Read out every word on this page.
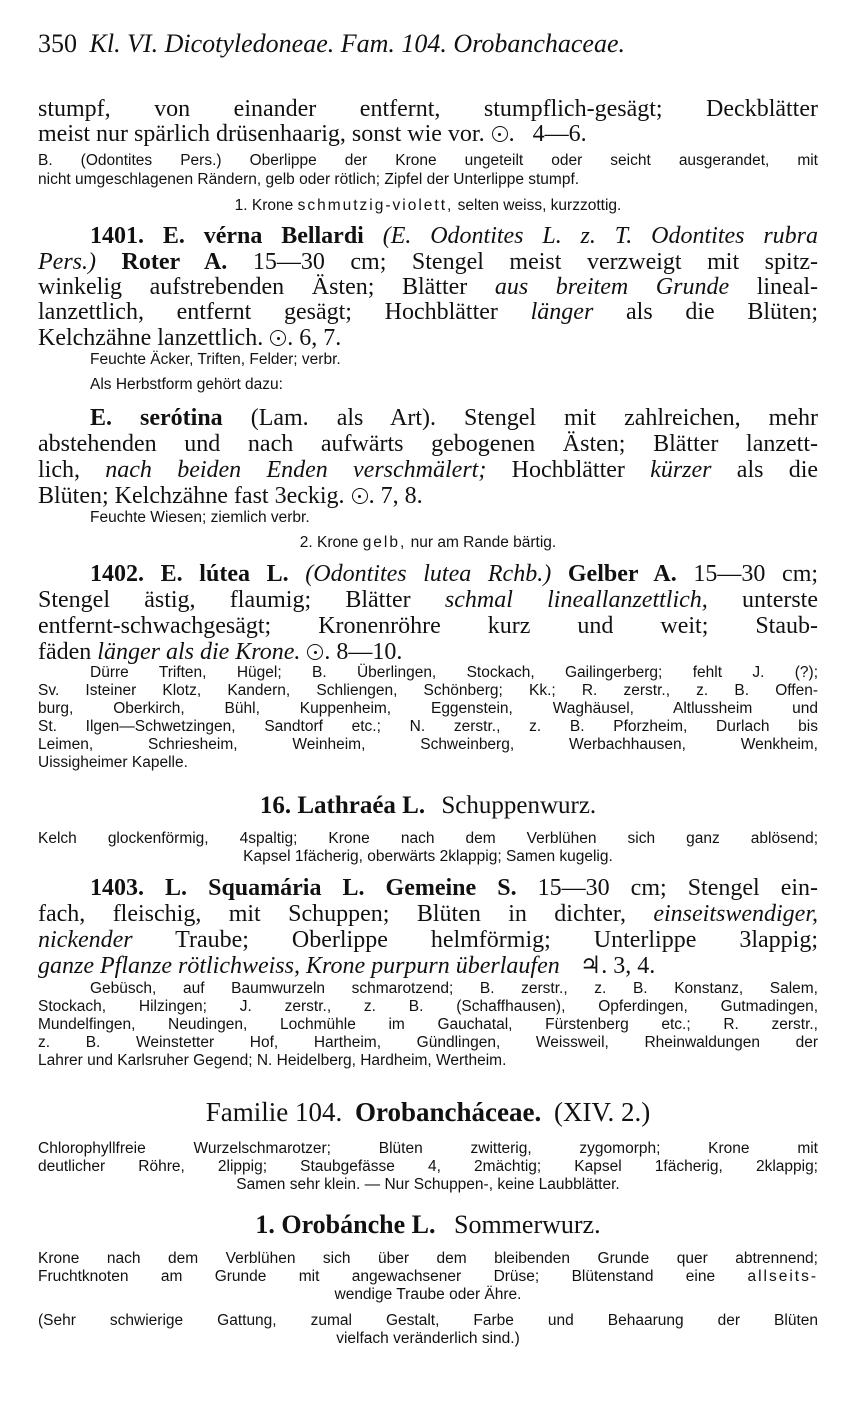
350 Kl. VI. Dicotyledoneae. Fam. 104. Orobanchaceae.
stumpf, von einander entfernt, stumpflich-gesägt; Deckblätter
meist nur spärlich drüsenhaarig, sonst wie vor. . 4—6.
B. (Odontites Pers.) Oberlippe der Krone ungeteilt oder seicht ausgerandet, mit
nicht umgeschlagenen Rändern, gelb oder rötlich; Zipfel der Unterlippe stumpf.
1. Krone schmutzig-violett, selten weiss, kurzzottig.
1401. E. vérna Bellardi (E. Odontites L. z. T. Odontites rubra
Pers.) Roter A. 15—30 cm; Stengel meist verzweigt mit spitz-
winkelig aufstrebenden Ästen; Blätter aus breitem Grunde lineal-
lanzettlich, entfernt gesägt; Hochblätter länger als die Blüten;
Kelchzähne lanzettlich. . 6, 7.
Feuchte Äcker, Triften, Felder; verbr.
Als Herbstform gehört dazu:
E. serótina (Lam. als Art). Stengel mit zahlreichen, mehr
abstehenden und nach aufwärts gebogenen Ästen; Blätter lanzett-
lich, nach beiden Enden verschmälert; Hochblätter kürzer als die
Blüten; Kelchzähne fast 3eckig. . 7, 8.
Feuchte Wiesen; ziemlich verbr.
2. Krone gelb, nur am Rande bärtig.
1402. E. lútea L. (Odontites lutea Rchb.) Gelber A. 15—30 cm;
Stengel ästig, flaumig; Blätter schmal lineallanzettlich, unterste
entfernt-schwachgesägt; Kronenröhre kurz und weit; Staub-
fäden länger als die Krone. . 8—10.
Dürre Triften, Hügel; B. Überlingen, Stockach, Gailingerberg; fehlt J. (?);
Sv. Isteiner Klotz, Kandern, Schliengen, Schönberg; Kk.; R. zerstr., z. B. Offen-
burg, Oberkirch, Bühl, Kuppenheim, Eggenstein, Waghäusel, Altlussheim und
St. Ilgen—Schwetzingen, Sandtorf etc.; N. zerstr., z. B. Pforzheim, Durlach bis
Leimen, Schriesheim, Weinheim, Schweinberg, Werbachhausen, Wenkheim,
Uissigheimer Kapelle.
16. Lathraéa L. Schuppenwurz.
Kelch glockenförmig, 4spaltig; Krone nach dem Verblühen sich ganz ablösend;
Kapsel 1fächerig, oberwärts 2klappig; Samen kugelig.
1403. L. Squamária L. Gemeine S. 15—30 cm; Stengel ein-
fach, fleischig, mit Schuppen; Blüten in dichter, einseitswendiger,
nickender Traube; Oberlippe helmförmig; Unterlippe 3lappig;
ganze Pflanze rötlichweiss, Krone purpurn überlaufen ♃. 3, 4.
Gebüsch, auf Baumwurzeln schmarotzend; B. zerstr., z. B. Konstanz, Salem,
Stockach, Hilzingen; J. zerstr., z. B. (Schaffhausen), Opferdingen, Gutmadingen,
Mundelfingen, Neudingen, Lochmühle im Gauchatal, Fürstenberg etc.; R. zerstr.,
z. B. Weinstetter Hof, Hartheim, Gündlingen, Weissweil, Rheinwaldungen der
Lahrer und Karlsruher Gegend; N. Heidelberg, Hardheim, Wertheim.
Familie 104. Orobancháceae. (XIV. 2.)
Chlorophyllfreie Wurzelschmarotzer; Blüten zwitterig, zygomorph; Krone mit
deutlicher Röhre, 2lippig; Staubgefässe 4, 2mächtig; Kapsel 1fächerig, 2klappig;
Samen sehr klein. — Nur Schuppen-, keine Laubblätter.
1. Orobánche L. Sommerwurz.
Krone nach dem Verblühen sich über dem bleibenden Grunde quer abtrennend;
Fruchtknoten am Grunde mit angewachsener Drüse; Blütenstand eine allseits-
wendige Traube oder Ähre.
(Sehr schwierige Gattung, zumal Gestalt, Farbe und Behaarung der Blüten
vielfach veränderlich sind.)
